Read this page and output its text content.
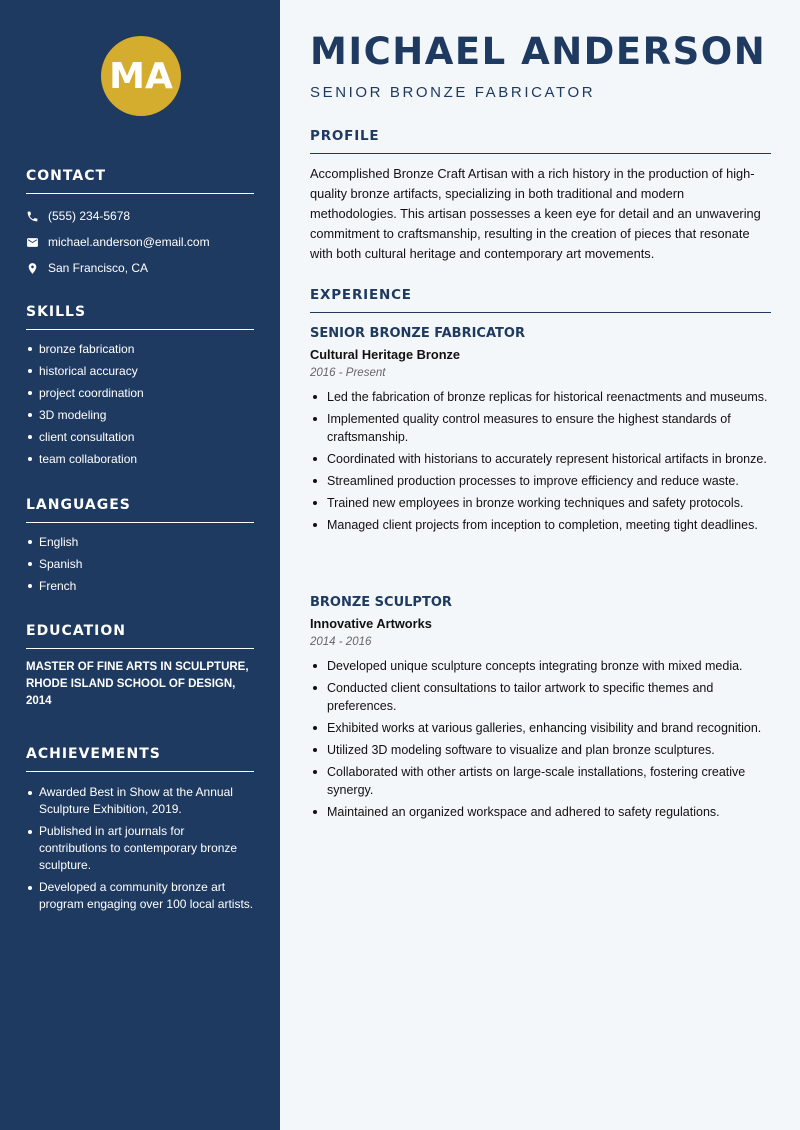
MA
CONTACT
(555) 234-5678
michael.anderson@email.com
San Francisco, CA
SKILLS
bronze fabrication
historical accuracy
project coordination
3D modeling
client consultation
team collaboration
LANGUAGES
English
Spanish
French
EDUCATION
MASTER OF FINE ARTS IN SCULPTURE, RHODE ISLAND SCHOOL OF DESIGN, 2014
ACHIEVEMENTS
Awarded Best in Show at the Annual Sculpture Exhibition, 2019.
Published in art journals for contributions to contemporary bronze sculpture.
Developed a community bronze art program engaging over 100 local artists.
MICHAEL ANDERSON
SENIOR BRONZE FABRICATOR
PROFILE
Accomplished Bronze Craft Artisan with a rich history in the production of high-quality bronze artifacts, specializing in both traditional and modern methodologies. This artisan possesses a keen eye for detail and an unwavering commitment to craftsmanship, resulting in the creation of pieces that resonate with both cultural heritage and contemporary art movements.
EXPERIENCE
SENIOR BRONZE FABRICATOR
Cultural Heritage Bronze
2016 - Present
Led the fabrication of bronze replicas for historical reenactments and museums.
Implemented quality control measures to ensure the highest standards of craftsmanship.
Coordinated with historians to accurately represent historical artifacts in bronze.
Streamlined production processes to improve efficiency and reduce waste.
Trained new employees in bronze working techniques and safety protocols.
Managed client projects from inception to completion, meeting tight deadlines.
BRONZE SCULPTOR
Innovative Artworks
2014 - 2016
Developed unique sculpture concepts integrating bronze with mixed media.
Conducted client consultations to tailor artwork to specific themes and preferences.
Exhibited works at various galleries, enhancing visibility and brand recognition.
Utilized 3D modeling software to visualize and plan bronze sculptures.
Collaborated with other artists on large-scale installations, fostering creative synergy.
Maintained an organized workspace and adhered to safety regulations.
